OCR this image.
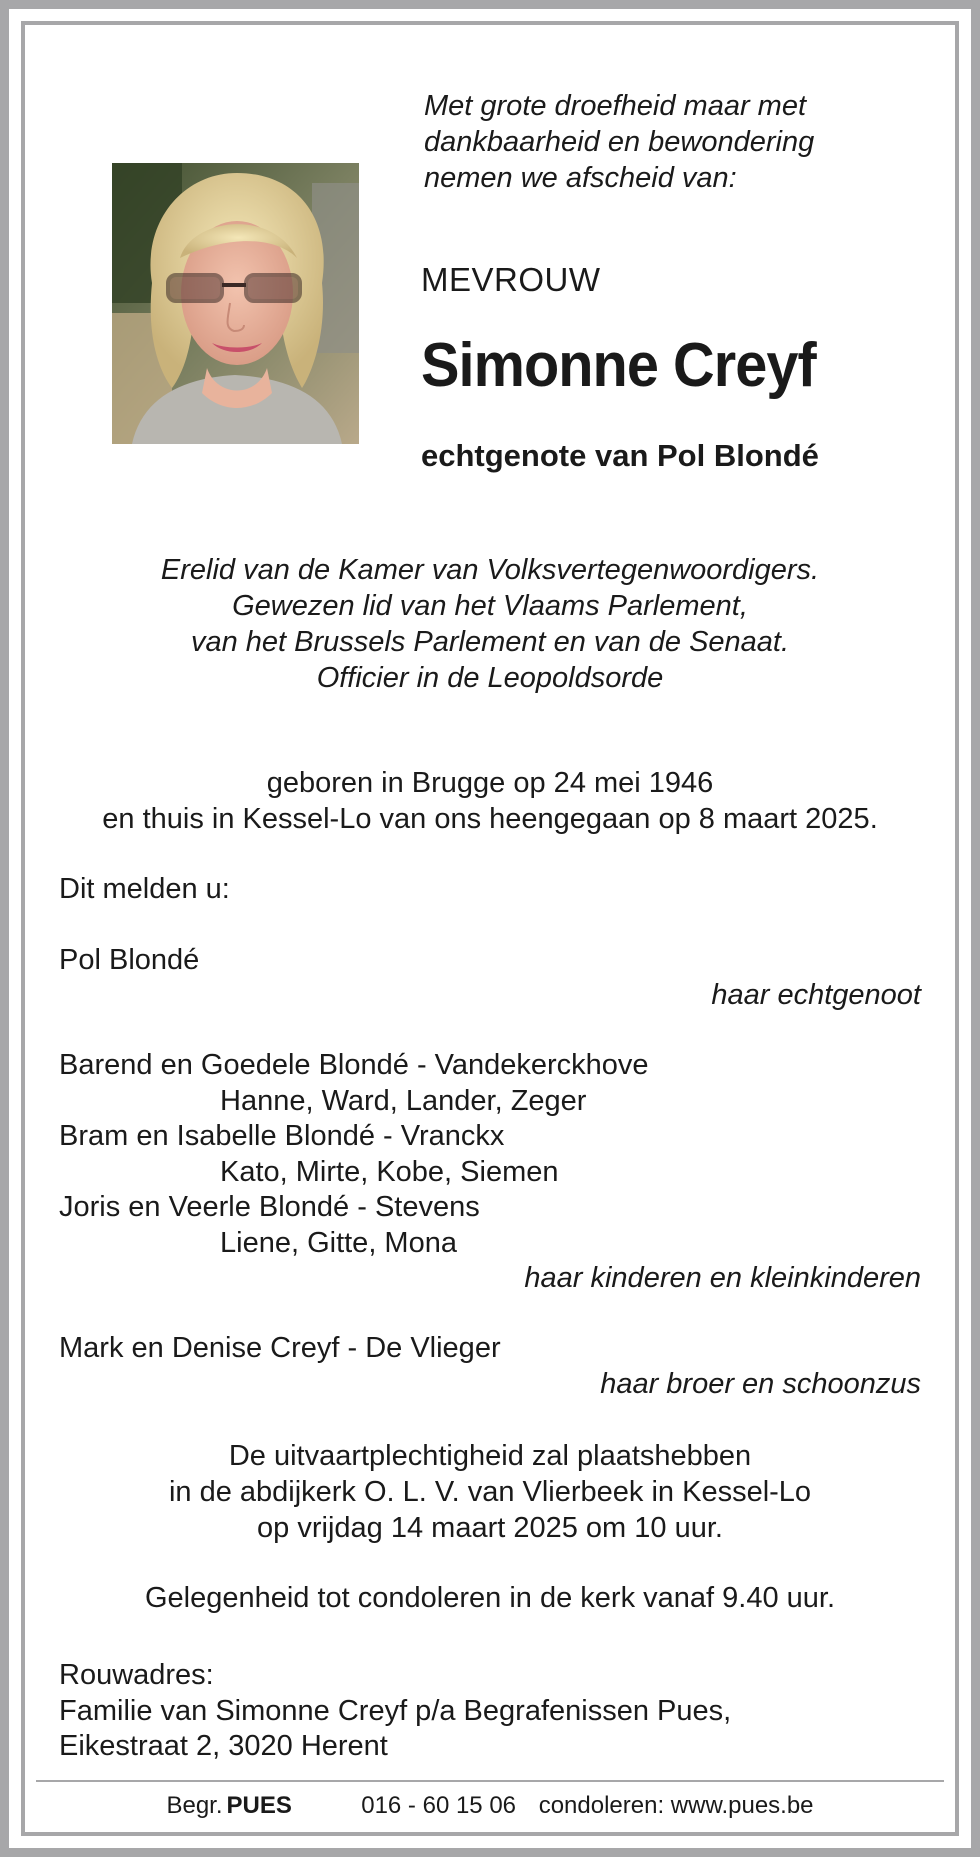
Met grote droefheid maar met
dankbaarheid en bewondering
nemen we afscheid van:
MEVROUW
Simonne Creyf
echtgenote van Pol Blondé
Erelid van de Kamer van Volksvertegenwoordigers.
Gewezen lid van het Vlaams Parlement,
van het Brussels Parlement en van de Senaat.
Officier in de Leopoldsorde
geboren in Brugge op 24 mei 1946
en thuis in Kessel-Lo van ons heengegaan op 8 maart 2025.
Dit melden u:
Pol Blondé
haar echtgenoot
Barend en Goedele Blondé - Vandekerckhove
Hanne, Ward, Lander, Zeger
Bram en Isabelle Blondé - Vranckx
Kato, Mirte, Kobe, Siemen
Joris en Veerle Blondé - Stevens
Liene, Gitte, Mona
haar kinderen en kleinkinderen
Mark en Denise Creyf - De Vlieger
haar broer en schoonzus
De uitvaartplechtigheid zal plaatshebben
in de abdijkerk O. L. V. van Vlierbeek in Kessel-Lo
op vrijdag 14 maart 2025 om 10 uur.
Gelegenheid tot condoleren in de kerk vanaf 9.40 uur.
Rouwadres:
Familie van Simonne Creyf p/a Begrafenissen Pues,
Eikestraat 2, 3020 Herent
Begr. PUES	016 - 60 15 06 condoleren: www.pues.be
